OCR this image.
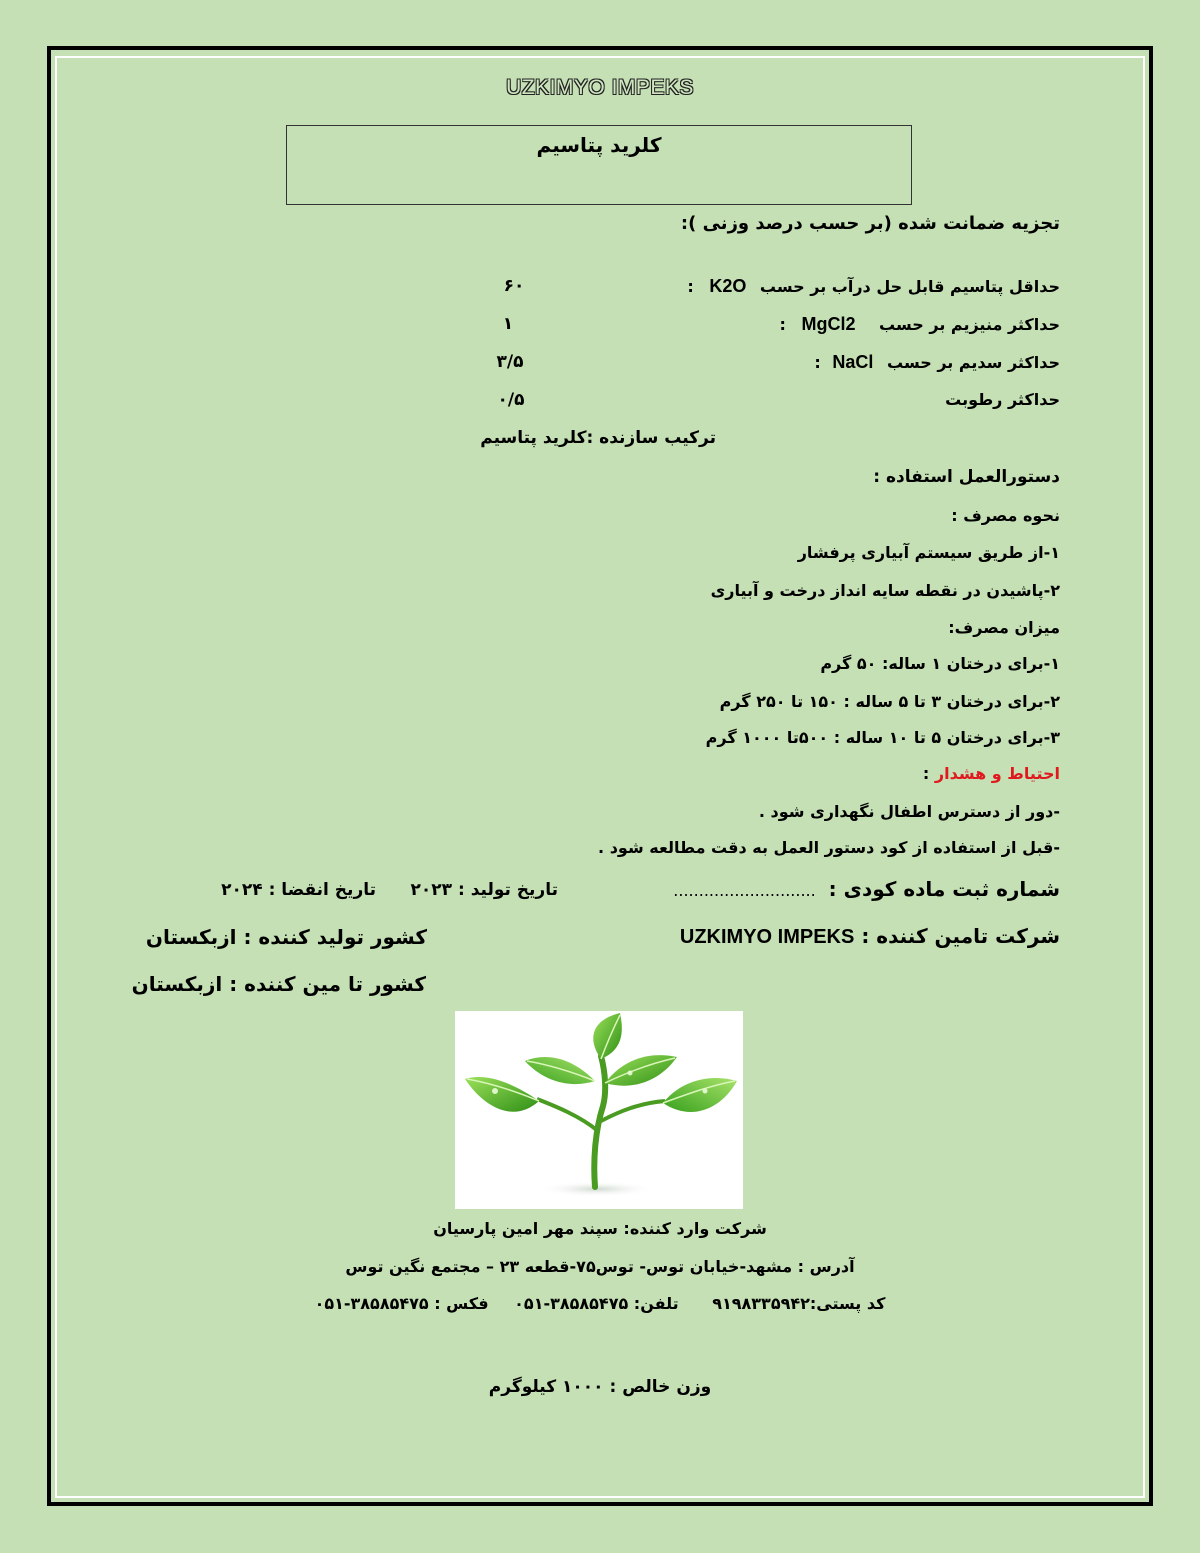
UZKIMYO IMPEKS
کلرید پتاسیم
تجزیه ضمانت شده (بر حسب درصد وزنی ):
حداقل پتاسیم قابل حل درآب بر حسب K2O :
۶۰
حداکثر منیزیم بر حسب MgCl2 :
۱
حداکثر سدیم بر حسب NaCl :
۳/۵
حداکثر رطوبت
۰/۵
ترکیب سازنده :کلرید پتاسیم
دستورالعمل استفاده :
نحوه مصرف :
۱-از طریق سیستم آبیاری پرفشار
۲-پاشیدن در نقطه سایه انداز درخت و آبیاری
میزان مصرف:
۱-برای درختان ۱ ساله: ۵۰ گرم
۲-برای درختان ۳ تا ۵ ساله : ۱۵۰ تا ۲۵۰ گرم
۳-برای درختان ۵ تا ۱۰ ساله : ۵۰۰تا ۱۰۰۰ گرم
احتیاط و هشدار :
-دور از دسترس اطفال نگهداری شود .
-قبل از استفاده از کود دستور العمل به دقت مطالعه شود .
شماره ثبت ماده کودی : ............................
تاریخ تولید : ۲۰۲۳
تاریخ انقضا : ۲۰۲۴
شرکت تامین کننده : UZKIMYO IMPEKS
کشور تولید کننده : ازبکستان
کشور تا مین کننده : ازبکستان
شرکت وارد کننده: سپند مهر امین پارسیان
آدرس : مشهد-خیابان توس- توس۷۵-قطعه ۲۳ – مجتمع نگین توس
کد پستی:۹۱۹۸۳۳۵۹۴۲ تلفن: ۳۸۵۸۵۴۷۵-۰۵۱ فکس : ۳۸۵۸۵۴۷۵-۰۵۱
وزن خالص : ۱۰۰۰ کیلوگرم
